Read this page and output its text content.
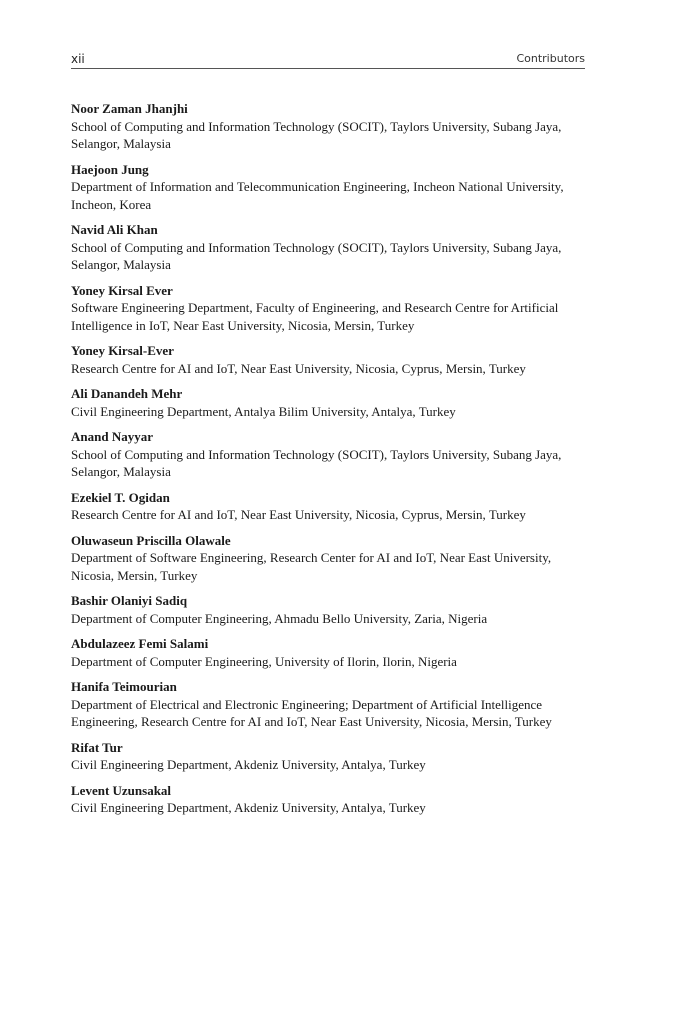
xii	Contributors
Noor Zaman Jhanjhi
School of Computing and Information Technology (SOCIT), Taylors University, Subang Jaya, Selangor, Malaysia
Haejoon Jung
Department of Information and Telecommunication Engineering, Incheon National University, Incheon, Korea
Navid Ali Khan
School of Computing and Information Technology (SOCIT), Taylors University, Subang Jaya, Selangor, Malaysia
Yoney Kirsal Ever
Software Engineering Department, Faculty of Engineering, and Research Centre for Artificial Intelligence in IoT, Near East University, Nicosia, Mersin, Turkey
Yoney Kirsal-Ever
Research Centre for AI and IoT, Near East University, Nicosia, Cyprus, Mersin, Turkey
Ali Danandeh Mehr
Civil Engineering Department, Antalya Bilim University, Antalya, Turkey
Anand Nayyar
School of Computing and Information Technology (SOCIT), Taylors University, Subang Jaya, Selangor, Malaysia
Ezekiel T. Ogidan
Research Centre for AI and IoT, Near East University, Nicosia, Cyprus, Mersin, Turkey
Oluwaseun Priscilla Olawale
Department of Software Engineering, Research Center for AI and IoT, Near East University, Nicosia, Mersin, Turkey
Bashir Olaniyi Sadiq
Department of Computer Engineering, Ahmadu Bello University, Zaria, Nigeria
Abdulazeez Femi Salami
Department of Computer Engineering, University of Ilorin, Ilorin, Nigeria
Hanifa Teimourian
Department of Electrical and Electronic Engineering; Department of Artificial Intelligence Engineering, Research Centre for AI and IoT, Near East University, Nicosia, Mersin, Turkey
Rifat Tur
Civil Engineering Department, Akdeniz University, Antalya, Turkey
Levent Uzunsakal
Civil Engineering Department, Akdeniz University, Antalya, Turkey
